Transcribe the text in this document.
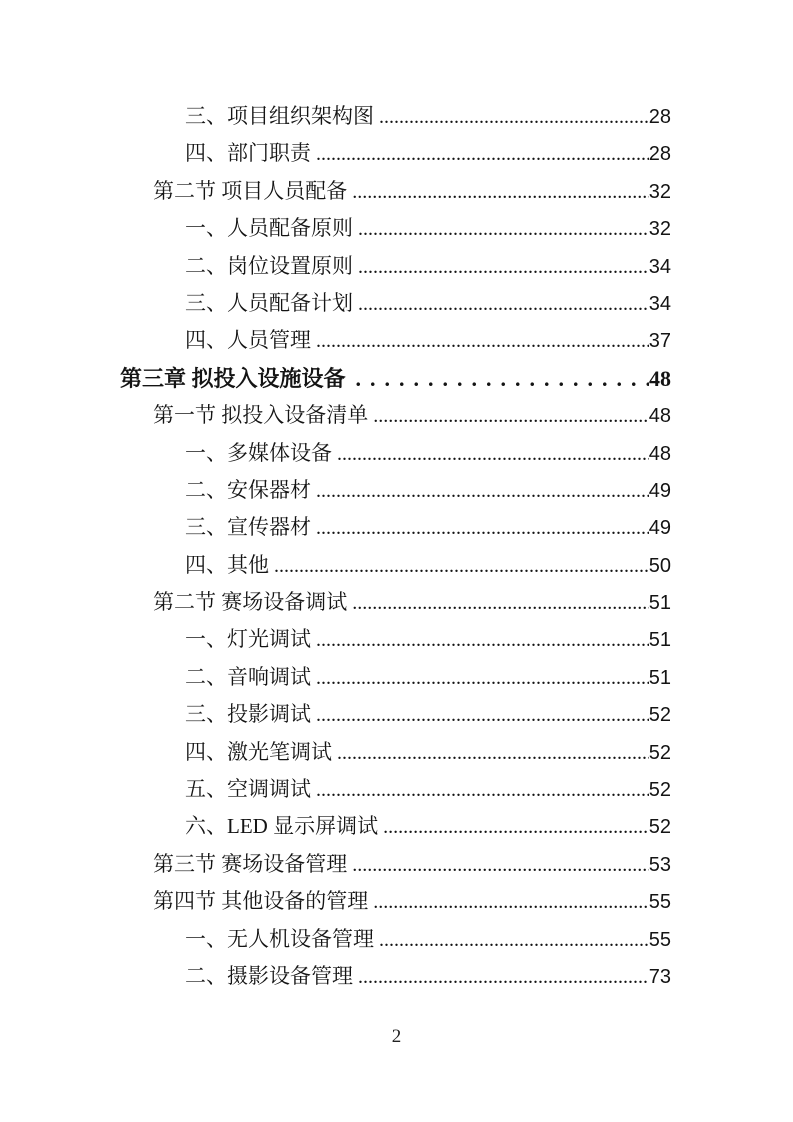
三、项目组织架构图 .....	28
四、部门职责 .....	28
第二节 项目人员配备 .....	32
一、人员配备原则 .....	32
二、岗位设置原则 .....	34
三、人员配备计划 .....	34
四、人员管理 .....	37
第三章 拟投入设施设备 .....	48
第一节 拟投入设备清单 .....	48
一、多媒体设备 .....	48
二、安保器材 .....	49
三、宣传器材 .....	49
四、其他 .....	50
第二节 赛场设备调试 .....	51
一、灯光调试 .....	51
二、音响调试 .....	51
三、投影调试 .....	52
四、激光笔调试 .....	52
五、空调调试 .....	52
六、LED 显示屏调试 .....	52
第三节 赛场设备管理 .....	53
第四节 其他设备的管理 .....	55
一、无人机设备管理 .....	55
二、摄影设备管理 .....	73
2
